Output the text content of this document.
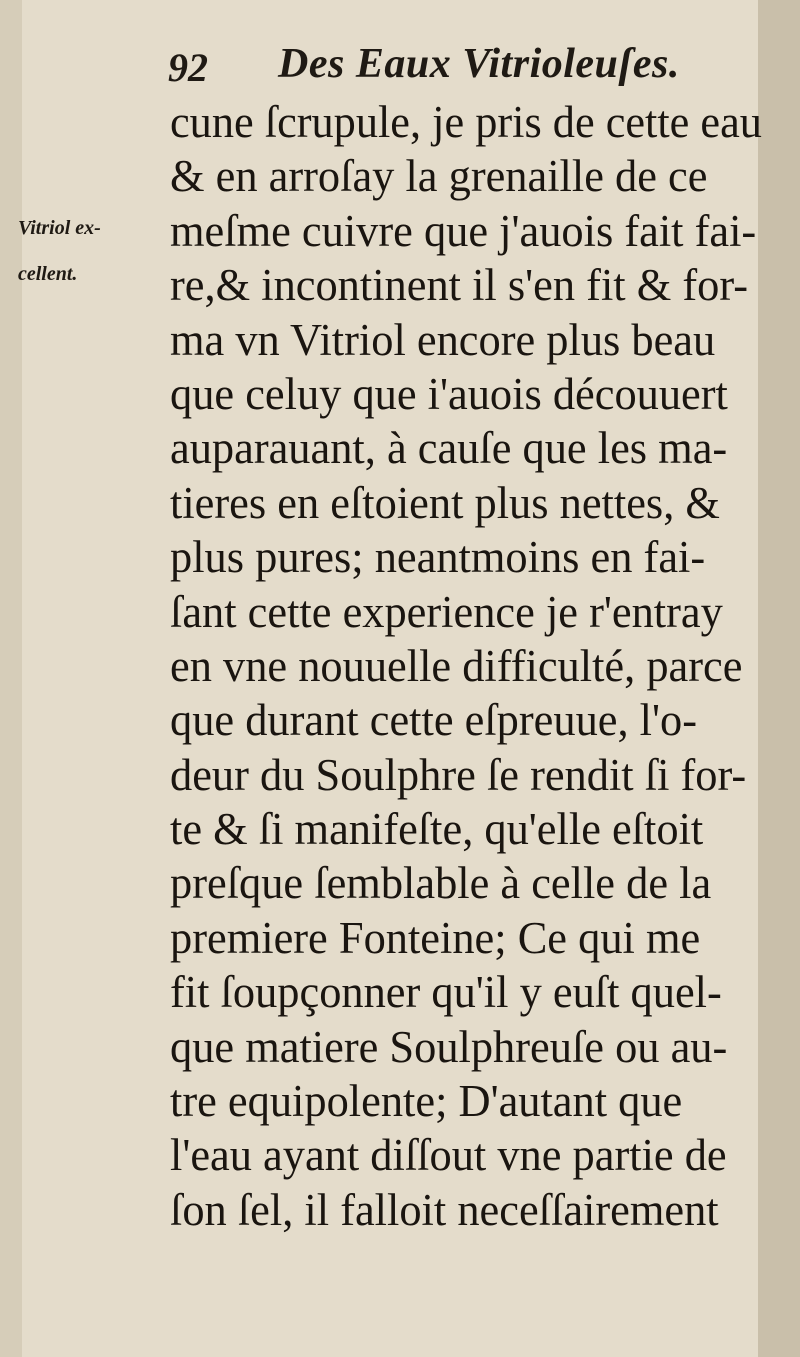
92 Des Eaux Vitrioleuſes.
Vitriol ex-
cellent.
cune ſcrupule, je pris de cette eau
& en arroſay la grenaille de ce
meſme cuivre que j'auois fait fai-
re,& incontinent il s'en fit & for-
ma vn Vitriol encore plus beau
que celuy que i'auois découuert
auparauant, à cauſe que les ma-
tieres en eſtoient plus nettes, &
plus pures; neantmoins en fai-
ſant cette experience je r'entray
en vne nouuelle difficulté, parce
que durant cette eſpreuue, l'o-
deur du Soulphre ſe rendit ſi for-
te & ſi manifeſte, qu'elle eſtoit
preſque ſemblable à celle de la
premiere Fonteine; Ce qui me
fit ſoupçonner qu'il y euſt quel-
que matiere Soulphreuſe ou au-
tre equipolente; D'autant que
l'eau ayant diſſout vne partie de
ſon ſel, il falloit neceſſairement
